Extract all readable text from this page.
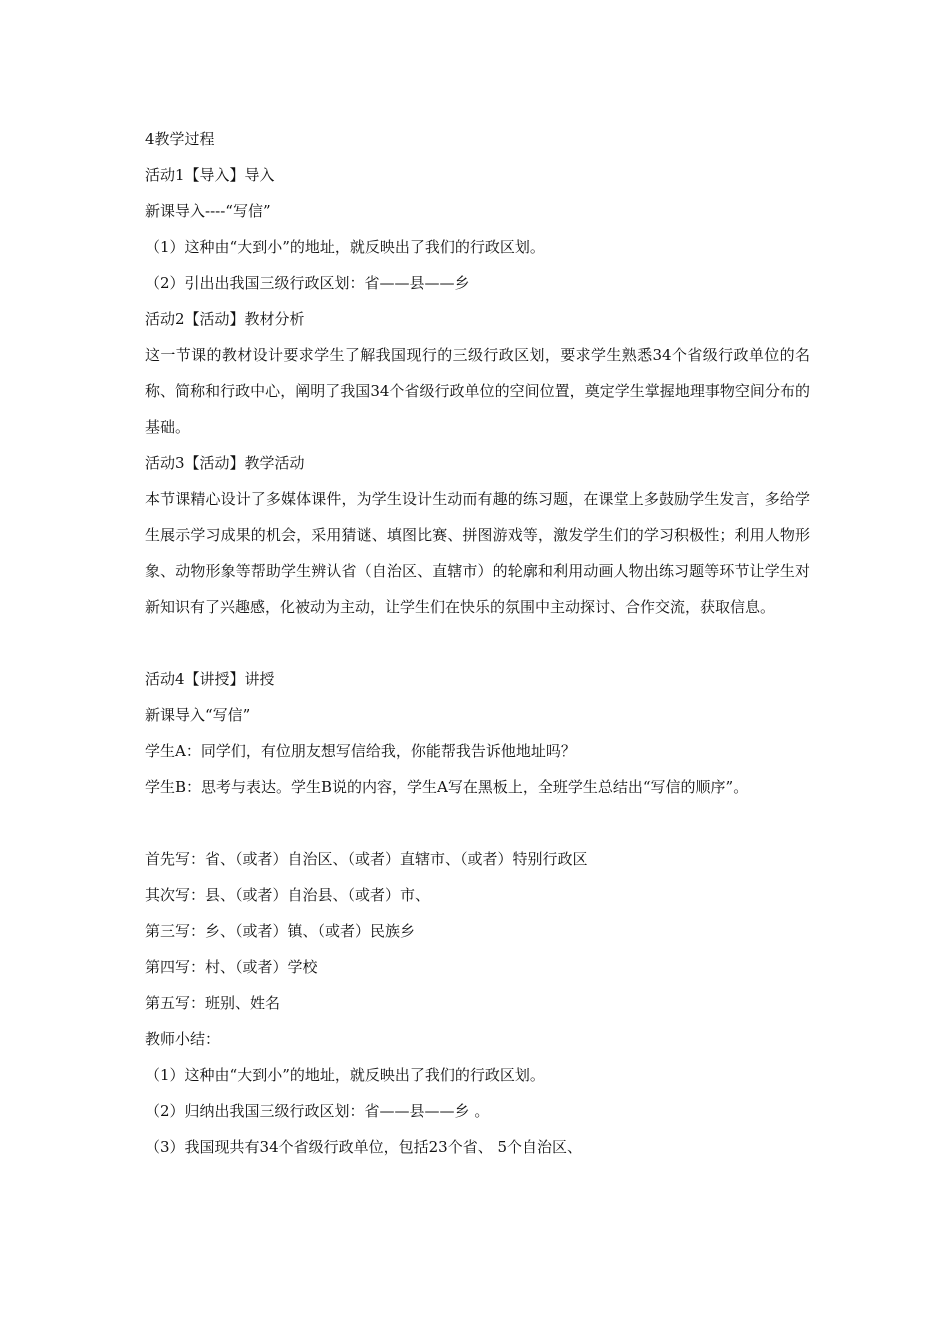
4教学过程
活动1【导入】导入
新课导入----“写信”
（1）这种由“大到小”的地址，就反映出了我们的行政区划。
（2）引出出我国三级行政区划：省——县——乡
活动2【活动】教材分析
这一节课的教材设计要求学生了解我国现行的三级行政区划，要求学生熟悉34个省级行政单位的名称、简称和行政中心，阐明了我国34个省级行政单位的空间位置，奠定学生掌握地理事物空间分布的基础。
活动3【活动】教学活动
本节课精心设计了多媒体课件，为学生设计生动而有趣的练习题，在课堂上多鼓励学生发言，多给学生展示学习成果的机会，采用猜谜、填图比赛、拼图游戏等，激发学生们的学习积极性；利用人物形象、动物形象等帮助学生辨认省（自治区、直辖市）的轮廓和利用动画人物出练习题等环节让学生对新知识有了兴趣感，化被动为主动，让学生们在快乐的氛围中主动探讨、合作交流，获取信息。
活动4【讲授】讲授
新课导入“写信”
学生A：同学们，有位朋友想写信给我，你能帮我告诉他地址吗？
学生B：思考与表达。学生B说的内容，学生A写在黑板上，全班学生总结出“写信的顺序”。
首先写：省、（或者）自治区、（或者）直辖市、（或者）特别行政区
其次写：县、（或者）自治县、（或者）市、
第三写：乡、（或者）镇、（或者）民族乡
第四写：村、（或者）学校
第五写：班别、姓名
教师小结：
（1）这种由“大到小”的地址，就反映出了我们的行政区划。
（2）归纳出我国三级行政区划：省——县——乡 。
（3）我国现共有34个省级行政单位，包括23个省、 5个自治区、
